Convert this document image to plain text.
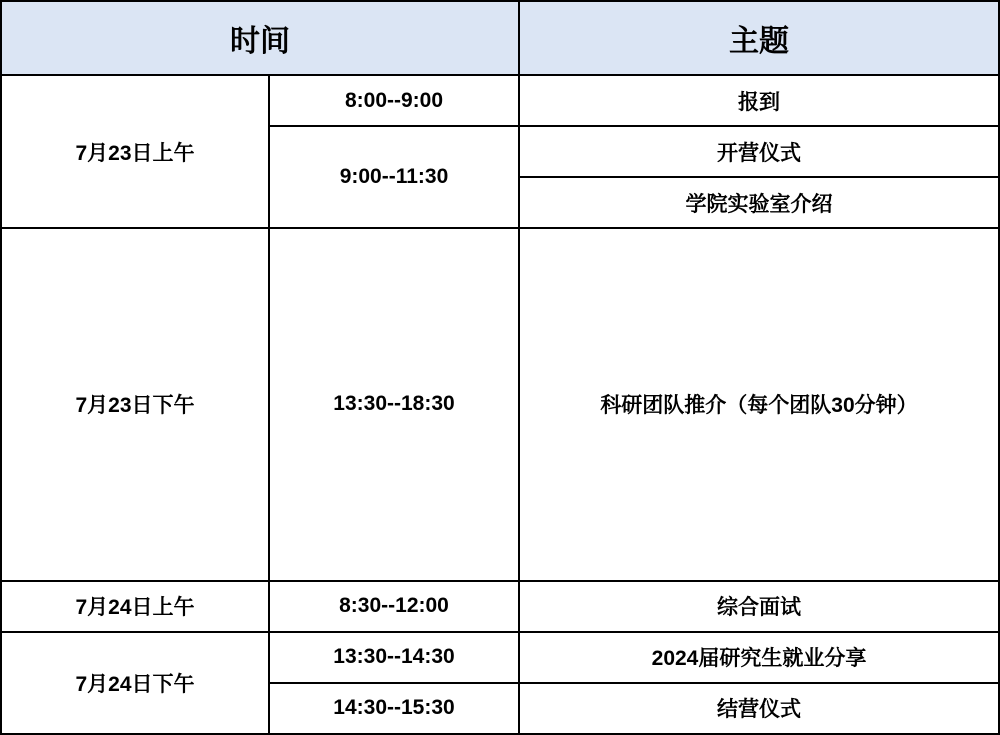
时间		主题
7月23日上午	8:00--9:00	报到
	9:00--11:30	开营仪式
		学院实验室介绍
7月23日下午	13:30--18:30	科研团队推介（每个团队30分钟）
7月24日上午	8:30--12:00	综合面试
7月24日下午	13:30--14:30	2024届研究生就业分享
	14:30--15:30	结营仪式
